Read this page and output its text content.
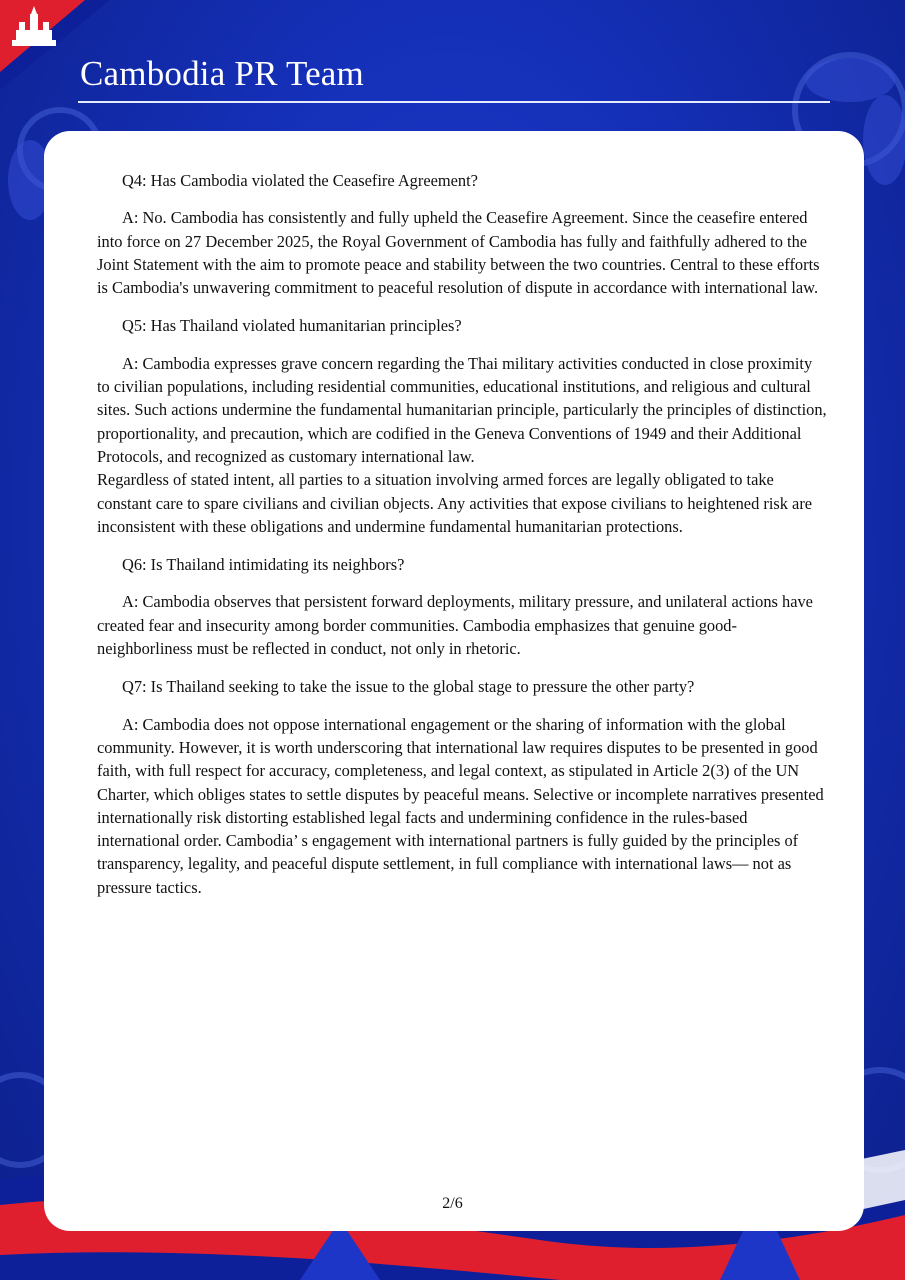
Cambodia PR Team

Q4: Has Cambodia violated the Ceasefire Agreement?

A: No. Cambodia has consistently and fully upheld the Ceasefire Agreement. Since the ceasefire entered into force on 27 December 2025, the Royal Government of Cambodia has fully and faithfully adhered to the Joint Statement with the aim to promote peace and stability between the two countries. Central to these efforts is Cambodia's unwavering commitment to peaceful resolution of dispute in accordance with international law.

Q5: Has Thailand violated humanitarian principles?

A: Cambodia expresses grave concern regarding the Thai military activities conducted in close proximity to civilian populations, including residential communities, educational institutions, and religious and cultural sites. Such actions undermine the fundamental humanitarian principle, particularly the principles of distinction, proportionality, and precaution, which are codified in the Geneva Conventions of 1949 and their Additional Protocols, and recognized as customary international law.

Regardless of stated intent, all parties to a situation involving armed forces are legally obligated to take constant care to spare civilians and civilian objects. Any activities that expose civilians to heightened risk are inconsistent with these obligations and undermine fundamental humanitarian protections.

Q6: Is Thailand intimidating its neighbors?

A: Cambodia observes that persistent forward deployments, military pressure, and unilateral actions have created fear and insecurity among border communities. Cambodia emphasizes that genuine good-neighborliness must be reflected in conduct, not only in rhetoric.

Q7: Is Thailand seeking to take the issue to the global stage to pressure the other party?

A: Cambodia does not oppose international engagement or the sharing of information with the global community. However, it is worth underscoring that international law requires disputes to be presented in good faith, with full respect for accuracy, completeness, and legal context, as stipulated in Article 2(3) of the UN Charter, which obliges states to settle disputes by peaceful means. Selective or incomplete narratives presented internationally risk distorting established legal facts and undermining confidence in the rules-based international order. Cambodia’ s engagement with international partners is fully guided by the principles of transparency, legality, and peaceful dispute settlement, in full compliance with international laws— not as pressure tactics.

2/6
